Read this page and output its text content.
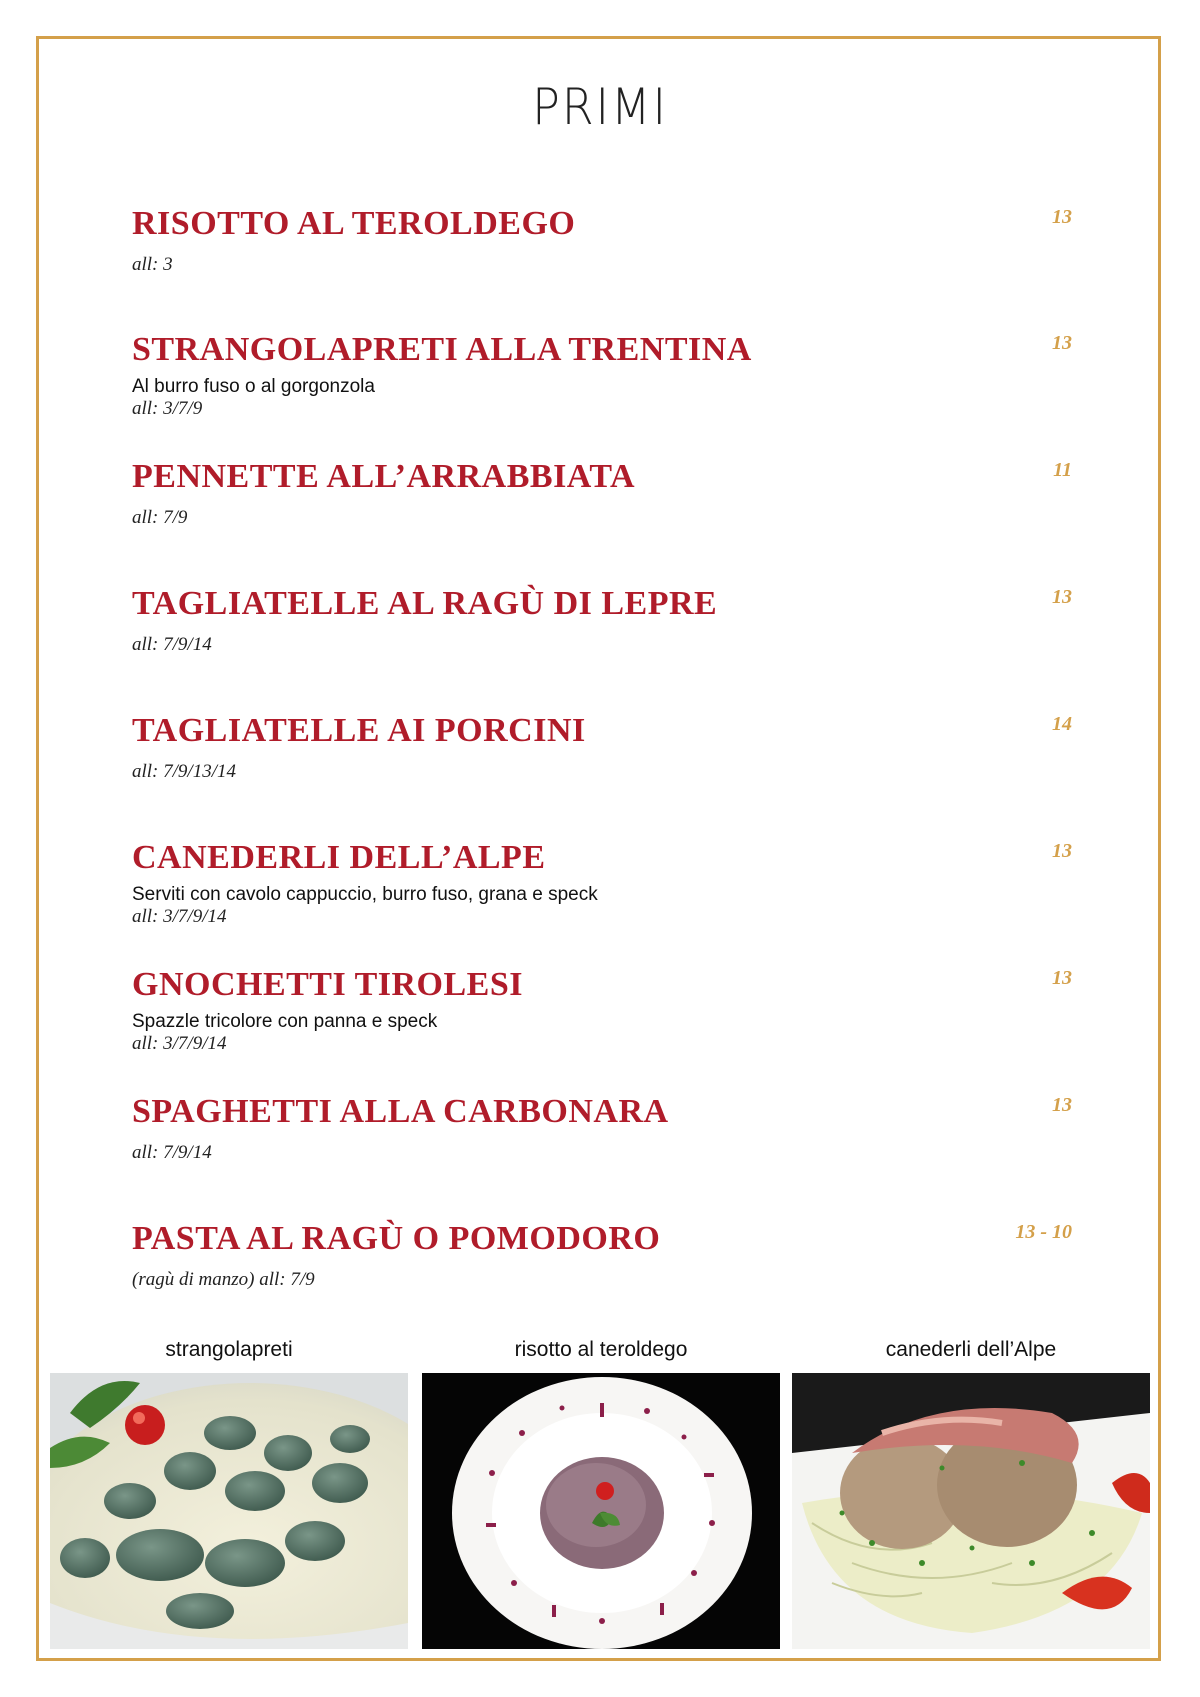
PRIMI
RISOTTO AL TEROLDEGO	13
all: 3
STRANGOLAPRETI ALLA TRENTINA	13
Al burro fuso o al gorgonzola
all: 3/7/9
PENNETTE ALL’ARRABBIATA	11
all: 7/9
TAGLIATELLE AL RAGÙ DI LEPRE	13
all: 7/9/14
TAGLIATELLE AI PORCINI	14
all: 7/9/13/14
CANEDERLI DELL’ALPE	13
Serviti con cavolo cappuccio, burro fuso, grana e speck
all: 3/7/9/14
GNOCHETTI TIROLESI	13
Spazzle tricolore con panna e speck
all: 3/7/9/14
SPAGHETTI ALLA CARBONARA	13
all: 7/9/14
PASTA AL RAGÙ O POMODORO	13 - 10
(ragù di manzo) all: 7/9
strangolapreti	risotto al teroldego	canederli dell’Alpe
